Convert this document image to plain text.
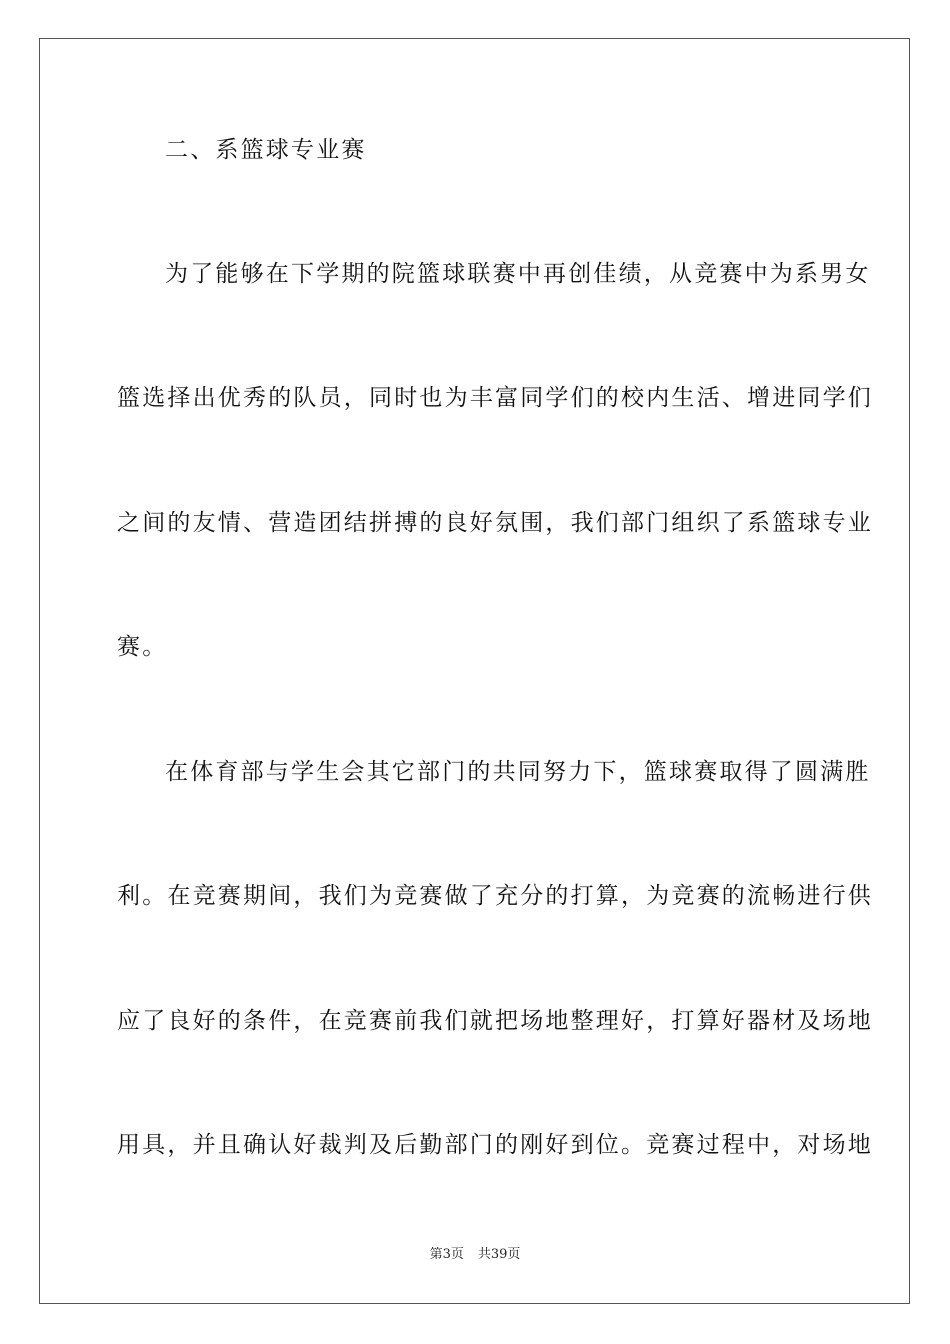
二、系篮球专业赛
为了能够在下学期的院篮球联赛中再创佳绩，从竞赛中为系男女
篮选择出优秀的队员，同时也为丰富同学们的校内生活、增进同学们
之间的友情、营造团结拼搏的良好氛围，我们部门组织了系篮球专业
赛。
在体育部与学生会其它部门的共同努力下，篮球赛取得了圆满胜
利。在竞赛期间，我们为竞赛做了充分的打算，为竞赛的流畅进行供
应了良好的条件，在竞赛前我们就把场地整理好，打算好器材及场地
用具，并且确认好裁判及后勤部门的刚好到位。竞赛过程中，对场地
第3页 共39页
